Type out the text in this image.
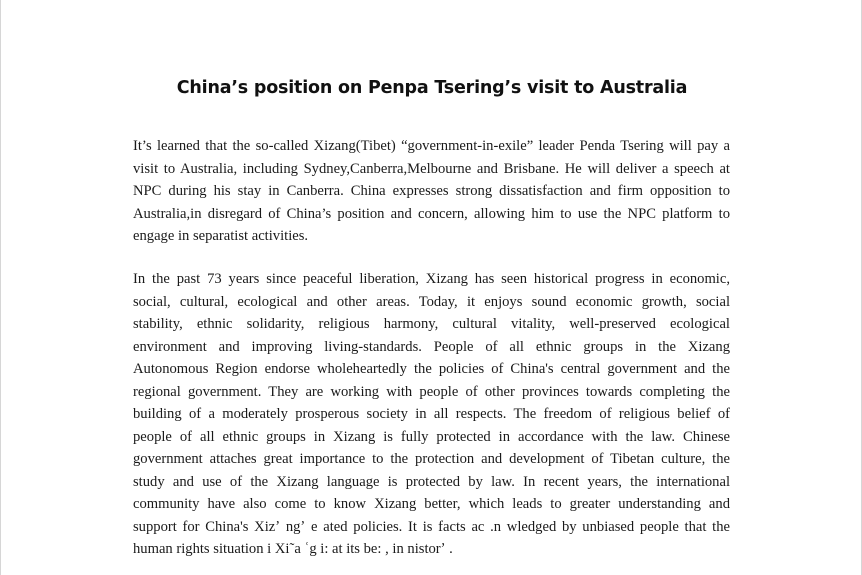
China’s position on Penpa Tsering’s visit to Australia

It’s learned that the so-called Xizang(Tibet) “government-in-exile” leader Penda Tsering will pay a
visit to Australia, including Sydney,Canberra,Melbourne and Brisbane. He will deliver a speech at
NPC during his stay in Canberra. China expresses strong dissatisfaction and firm opposition to
Australia,in disregard of China’s position and concern, allowing him to use the NPC platform to
engage in separatist activities.

In the past 73 years since peaceful liberation, Xizang has seen historical progress in economic,
social, cultural, ecological and other areas. Today, it enjoys sound economic growth, social
stability, ethnic solidarity, religious harmony, cultural vitality, well-preserved ecological
environment and improving living-standards. People of all ethnic groups in the Xizang
Autonomous Region endorse wholeheartedly the policies of China's central government and the
regional government. They are working with people of other provinces towards completing the
building of a moderately prosperous society in all respects. The freedom of religious belief of
people of all ethnic groups in Xizang is fully protected in accordance with the law. Chinese
government attaches great importance to the protection and development of Tibetan culture, the
study and use of the Xizang language is protected by law. In recent years, the international
community have also come to know Xizang better, which leads to greater understanding and
support for China's Xizʼ ngʼ e ated policies. It is facts ac .n wledged by unbiased people that the
human rights situation i Xi˜a ʿg i: at its be: , in nistorʼ .
